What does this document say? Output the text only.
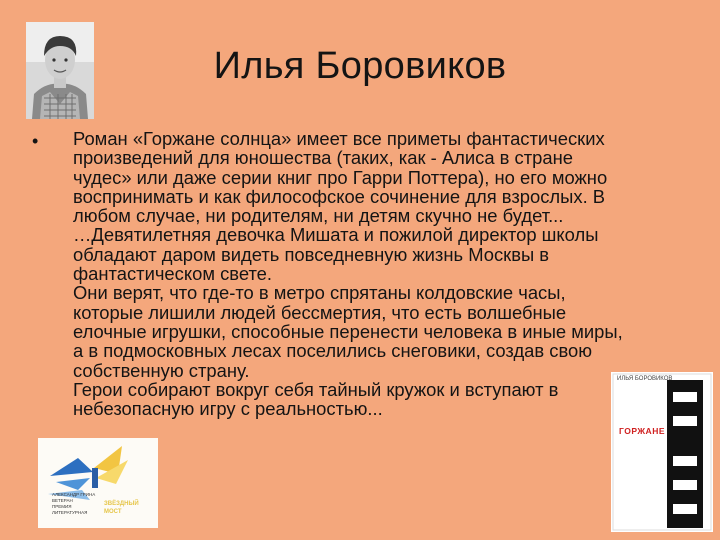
Илья Боровиков
• Роман «Горжане солнца» имеет все приметы фантастических
произведений для юношества (таких, как - Алиса в стране
чудес» или даже серии книг про Гарри Поттера), но его можно
воспринимать и как философское сочинение для взрослых. В
любом случае, ни родителям, ни детям скучно не будет...
…Девятилетняя девочка Мишата и пожилой директор школы
обладают даром видеть повседневную жизнь Москвы в
фантастическом свете.
Они верят, что где-то в метро спрятаны колдовские часы,
которые лишили людей бессмертия, что есть волшебные
елочные игрушки, способные перенести человека в иные миры,
а в подмосковных лесах поселились снеговики, создав свою
собственную страну.
Герои собирают вокруг себя тайный кружок и вступают в
небезопасную игру с реальностью...
АЛЕКСАНДР ГРИНА
ВЕТЕРАН
ПРЕМИЯ
ЛИТЕРАТУРНАЯ
ЗВЁЗДНЫЙ
МОСТ
ИЛЬЯ БОРОВИКОВ
ГОРЖАНЕ
